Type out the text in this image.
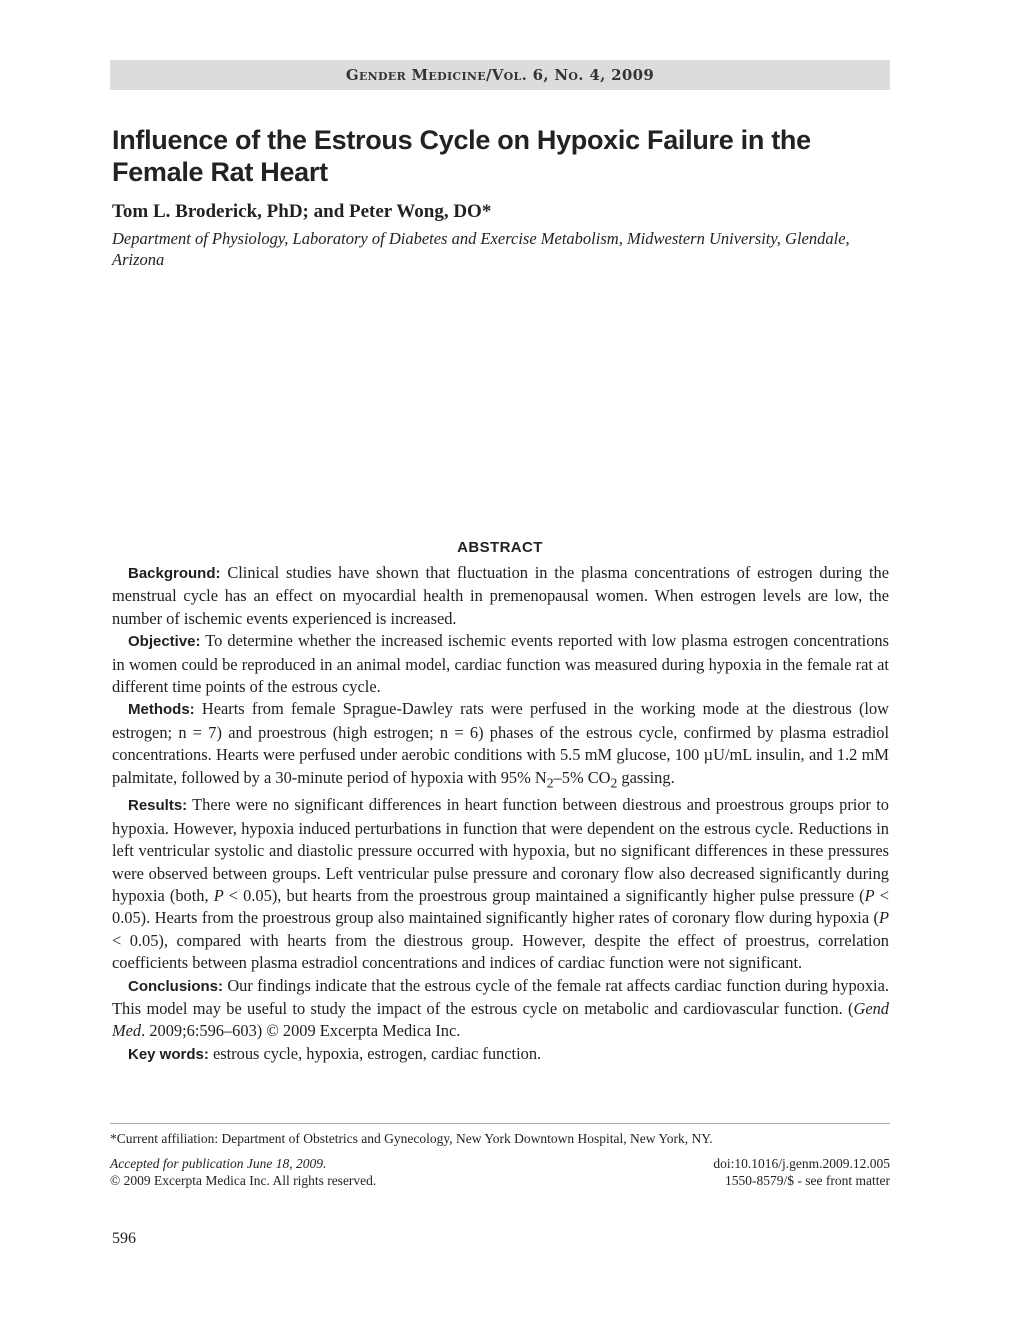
Gender Medicine /Vol. 6, No. 4, 2009
Influence of the Estrous Cycle on Hypoxic Failure in the Female Rat Heart
Tom L. Broderick, PhD; and Peter Wong, DO*
Department of Physiology, Laboratory of Diabetes and Exercise Metabolism, Midwestern University, Glendale, Arizona
ABSTRACT

Background: Clinical studies have shown that fluctuation in the plasma concentrations of estrogen during the menstrual cycle has an effect on myocardial health in premenopausal women. When estrogen levels are low, the number of ischemic events experienced is increased.

Objective: To determine whether the increased ischemic events reported with low plasma estrogen concentrations in women could be reproduced in an animal model, cardiac function was measured during hypoxia in the female rat at different time points of the estrous cycle.

Methods: Hearts from female Sprague-Dawley rats were perfused in the working mode at the diestrous (low estrogen; n = 7) and proestrous (high estrogen; n = 6) phases of the estrous cycle, confirmed by plasma estradiol concentrations. Hearts were perfused under aerobic conditions with 5.5 mM glucose, 100 µU/mL insulin, and 1.2 mM palmitate, followed by a 30-minute period of hypoxia with 95% $N_2-5\%$ $CO_2$ gassing.

Results: There were no significant differences in heart function between diestrous and proestrous groups prior to hypoxia. However, hypoxia induced perturbations in function that were dependent on the estrous cycle. Reductions in left ventricular systolic and diastolic pressure occurred with hypoxia, but no significant differences in these pressures were observed between groups. Left ventricular pulse pressure and coronary flow also decreased significantly during hypoxia (both, P < 0.05), but hearts from the proestrous group maintained a significantly higher pulse pressure (P < 0.05). Hearts from the proestrous group also maintained significantly higher rates of coronary flow during hypoxia (P < 0.05), compared with hearts from the diestrous group. However, despite the effect of proestrus, correlation coefficients between plasma estradiol concentrations and indices of cardiac function were not significant.

Conclusions: Our findings indicate that the estrous cycle of the female rat affects cardiac function during hypoxia. This model may be useful to study the impact of the estrous cycle on metabolic and cardiovascular function. (Gend Med. 2009;6:596–603) © 2009 Excerpta Medica Inc.

Key words: estrous cycle, hypoxia, estrogen, cardiac function.

*Current affiliation: Department of Obstetrics and Gynecology, New York Downtown Hospital, New York, NY.
Accepted for publication June 18, 2009.
© 2009 Excerpta Medica Inc. All rights reserved.
doi:10.1016/j.genm.2009.12.005
1550-8579/$ - see front matter
596
